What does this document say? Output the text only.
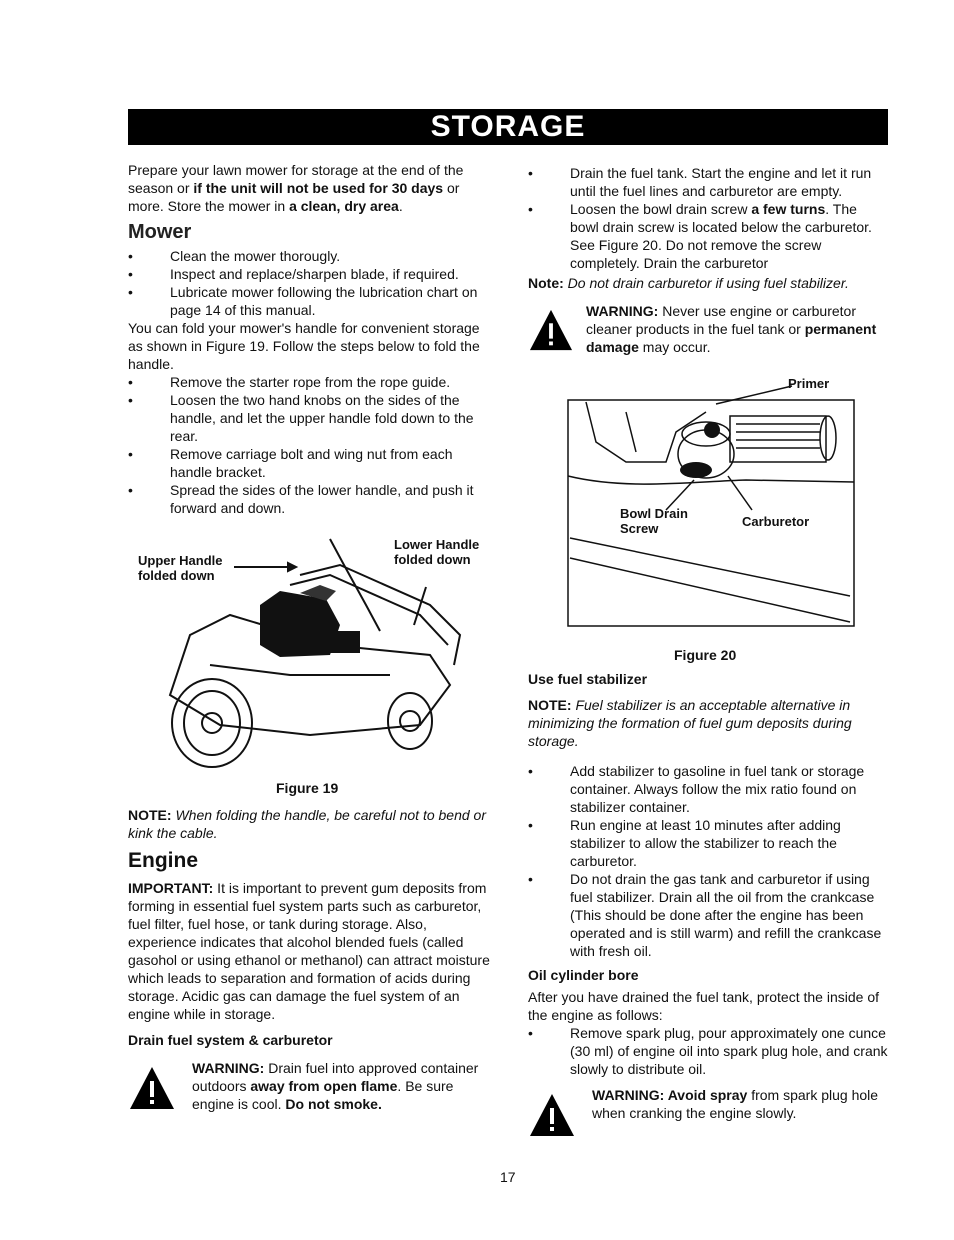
STORAGE

Prepare your lawn mower for storage at the end of the season or if the unit will not be used for 30 days or more. Store the mower in a clean, dry area.

Mower
• Clean the mower thorougly.
• Inspect and replace/sharpen blade, if required.
• Lubricate mower following the lubrication chart on page 14 of this manual.

You can fold your mower's handle for convenient storage as shown in Figure 19. Follow the steps below to fold the handle.

• Remove the starter rope from the rope guide.
• Loosen the two hand knobs on the sides of the handle, and let the upper handle fold down to the rear.
• Remove carriage bolt and wing nut from each handle bracket.
• Spread the sides of the lower handle, and push it forward and down.
Upper Handle folded down
Lower Handle folded down
Figure 19

NOTE: When folding the handle, be careful not to bend or kink the cable.

Engine

IMPORTANT: It is important to prevent gum deposits from forming in essential fuel system parts such as carburetor, fuel filter, fuel hose, or tank during storage. Also, experience indicates that alcohol blended fuels (called gasohol or using ethanol or methanol) can attract moisture which leads to separation and formation of acids during storage. Acidic gas can damage the fuel system of an engine while in storage.

Drain fuel system & carburetor

WARNING: Drain fuel into approved container outdoors away from open flame. Be sure engine is cool. Do not smoke.

• Drain the fuel tank. Start the engine and let it run until the fuel lines and carburetor are empty.
• Loosen the bowl drain screw a few turns. The bowl drain screw is located below the carburetor. See Figure 20. Do not remove the screw completely. Drain the carburetor

Note: Do not drain carburetor if using fuel stabilizer.

WARNING: Never use engine or carburetor cleaner products in the fuel tank or permanent damage may occur.

Primer
Bowl Drain Screw	Carburetor
Figure 20
Use fuel stabilizer

NOTE: Fuel stabilizer is an acceptable alternative in minimizing the formation of fuel gum deposits during storage.

• Add stabilizer to gasoline in fuel tank or storage container. Always follow the mix ratio found on stabilizer container.
• Run engine at least 10 minutes after adding stabilizer to allow the stabilizer to reach the carburetor.
• Do not drain the gas tank and carburetor if using fuel stabilizer. Drain all the oil from the crankcase (This should be done after the engine has been operated and is still warm) and refill the crankcase with fresh oil.
Oil cylinder bore

After you have drained the fuel tank, protect the inside of the engine as follows:

• Remove spark plug, pour approximately one cunce (30 ml) of engine oil into spark plug hole, and crank slowly to distribute oil.

WARNING: Avoid spray from spark plug hole when cranking the engine slowly.

17
